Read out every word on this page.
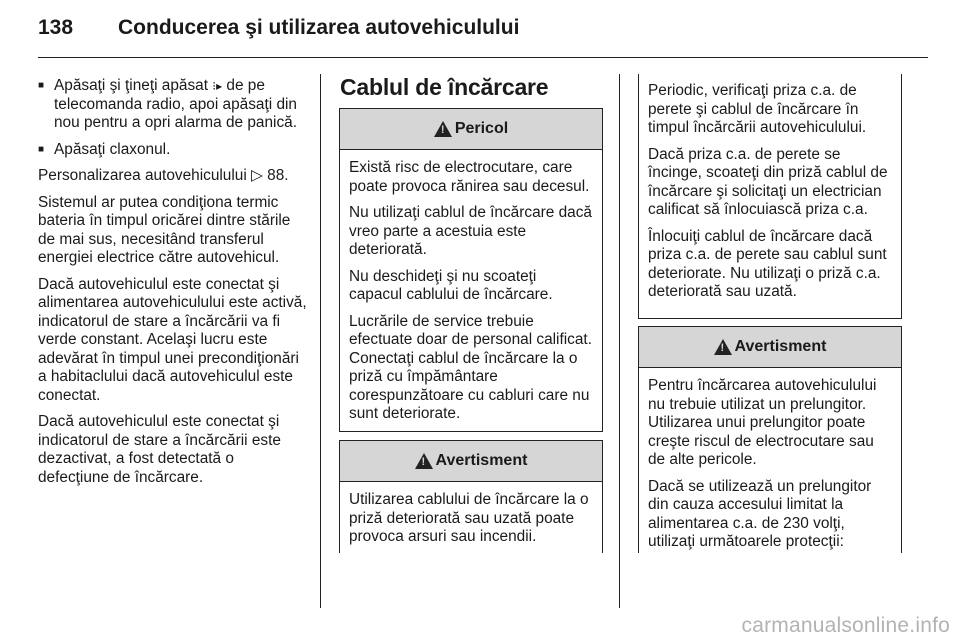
138 Conducerea şi utilizarea autovehiculului
■ Apăsaţi şi ţineţi apăsat ⁝▸ de pe telecomanda radio, apoi apăsaţi din nou pentru a opri alarma de panică.
■ Apăsaţi claxonul.

Personalizarea autovehiculului ▷ 88.

Sistemul ar putea condiţiona termic bateria în timpul oricărei dintre stările de mai sus, necesitând transferul energiei electrice către autovehicul.

Dacă autovehiculul este conectat şi alimentarea autovehiculului este activă, indicatorul de stare a încărcării va fi verde constant. Acelaşi lucru este adevărat în timpul unei precondiţionări a habitaclului dacă autovehiculul este conectat.

Dacă autovehiculul este conectat şi indicatorul de stare a încărcării este dezactivat, a fost detectată o defecţiune de încărcare.

Cablul de încărcare
!
Pericol

Există risc de electrocutare, care poate provoca rănirea sau decesul.

Nu utilizaţi cablul de încărcare dacă vreo parte a acestuia este deteriorată.

Nu deschideţi şi nu scoateţi capacul cablului de încărcare.

Lucrările de service trebuie efectuate doar de personal calificat. Conectaţi cablul de încărcare la o priză cu împământare corespunzătoare cu cabluri care nu sunt deteriorate.

!
Avertisment

Utilizarea cablului de încărcare la o priză deteriorată sau uzată poate provoca arsuri sau incendii.

Periodic, verificaţi priza c.a. de perete şi cablul de încărcare în timpul încărcării autovehiculului.

Dacă priza c.a. de perete se încinge, scoateţi din priză cablul de încărcare şi solicitaţi un electrician calificat să înlocuiască priza c.a.

Înlocuiţi cablul de încărcare dacă priza c.a. de perete sau cablul sunt deteriorate. Nu utilizaţi o priză c.a. deteriorată sau uzată.

!
Avertisment

Pentru încărcarea autovehiculului nu trebuie utilizat un prelungitor. Utilizarea unui prelungitor poate creşte riscul de electrocutare sau de alte pericole.

Dacă se utilizează un prelungitor din cauza accesului limitat la alimentarea c.a. de 230 volţi, utilizaţi următoarele protecţii:

carmanualsonline.info
